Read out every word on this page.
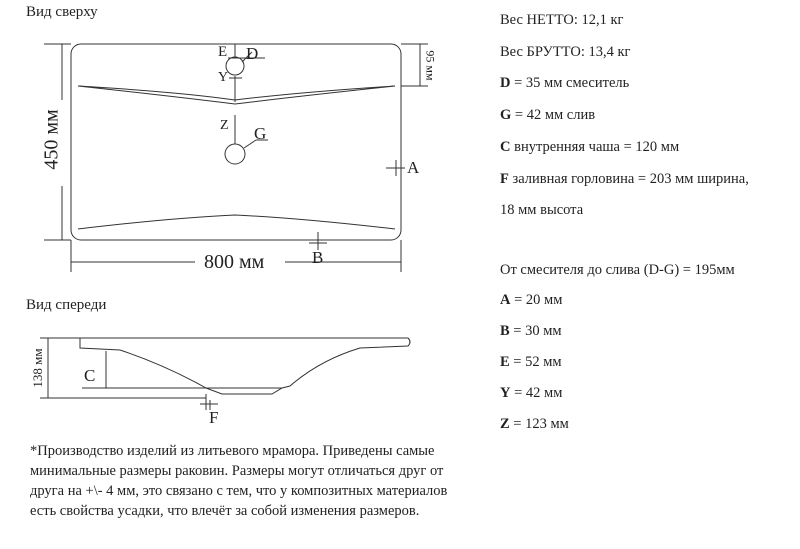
Вид сверху
E D
Y
Z G
A
B
800 мм
450 мм
95 мм
Вид спереди
C
F
138 мм
Вес НЕТТО: 12,1 кг
Вес БРУТТО: 13,4 кг
D = 35 мм смеситель
G = 42 мм слив
C внутренняя чаша = 120 мм
F заливная горловина = 203 мм ширина,
18 мм высота
От смесителя до слива (D-G) = 195мм
A = 20 мм
B = 30 мм
E = 52 мм
Y = 42 мм
Z = 123 мм
*Производство изделий из литьевого мрамора. Приведены самые минимальные размеры раковин. Размеры могут отличаться друг от друга на +\- 4 мм, это связано с тем, что у композитных материалов есть свойства усадки, что влечёт за собой изменения размеров.
